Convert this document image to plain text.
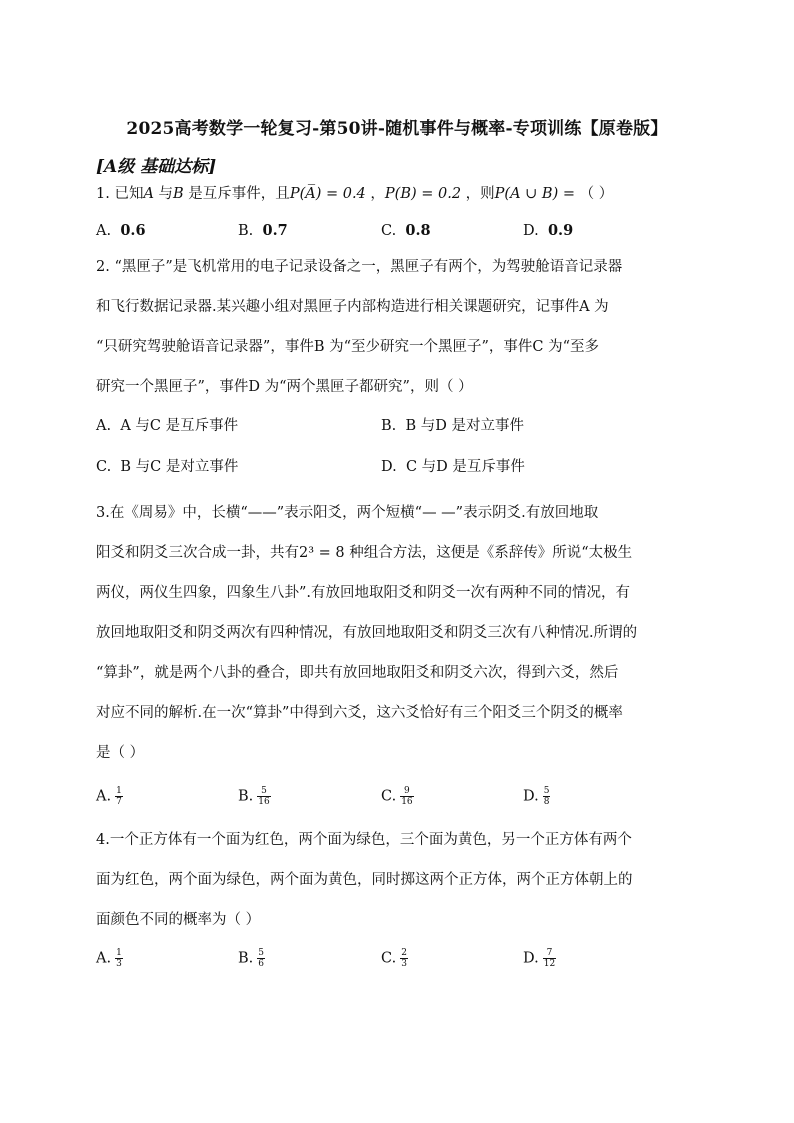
2025高考数学一轮复习-第50讲-随机事件与概率-专项训练【原卷版】
[A级 基础达标]

1. 已知A 与B 是互斥事件，且P(A̅) = 0.4 ，P(B) = 0.2 ，则P(A ∪ B) = （ ）

A. 0.6	B. 0.7	C. 0.8	D. 0.9

2. “黑匣子”是飞机常用的电子记录设备之一，黑匣子有两个，为驾驶舱语音记录器

和飞行数据记录器.某兴趣小组对黑匣子内部构造进行相关课题研究，记事件A 为

“只研究驾驶舱语音记录器”，事件B 为“至少研究一个黑匣子”，事件C 为“至多

研究一个黑匣子”，事件D 为“两个黑匣子都研究”，则（ ）

A. A 与C 是互斥事件	B. B 与D 是对立事件
C. B 与C 是对立事件	D. C 与D 是互斥事件

3.在《周易》中，长横“——”表示阳爻，两个短横“— —”表示阴爻.有放回地取

阳爻和阴爻三次合成一卦，共有2³ = 8 种组合方法，这便是《系辞传》所说“太极生

两仪，两仪生四象，四象生八卦”.有放回地取阳爻和阴爻一次有两种不同的情况，有

放回地取阳爻和阴爻两次有四种情况，有放回地取阳爻和阴爻三次有八种情况.所谓的

“算卦”，就是两个八卦的叠合，即共有放回地取阳爻和阴爻六次，得到六爻，然后

对应不同的解析.在一次“算卦”中得到六爻，这六爻恰好有三个阳爻三个阴爻的概率

是（ ）

A. $\frac{1}{7}$	B. $\frac{5}{16}$	C. $\frac{9}{16}$	D. $\frac{5}{8}$

4.一个正方体有一个面为红色，两个面为绿色，三个面为黄色，另一个正方体有两个

面为红色，两个面为绿色，两个面为黄色，同时掷这两个正方体，两个正方体朝上的

面颜色不同的概率为（ ）

A. $\frac{1}{3}$	B. $\frac{5}{6}$	C. $\frac{2}{3}$	D. $\frac{7}{12}$
